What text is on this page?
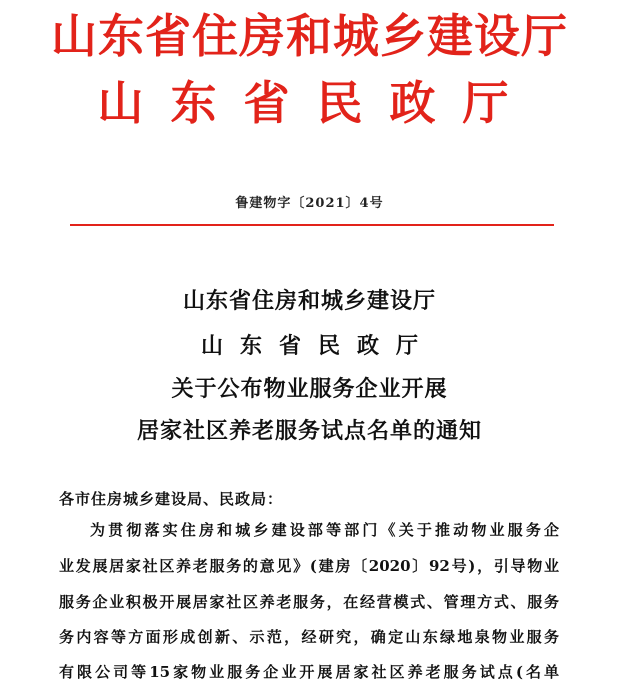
山东省住房和城乡建设厅
山东省民政厅
鲁建物字〔2021〕4号
山东省住房和城乡建设厅
山东省民政厅
关于公布物业服务企业开展
居家社区养老服务试点名单的通知
各市住房城乡建设局、民政局：
为贯彻落实住房和城乡建设部等部门《关于推动物业服务企
业发展居家社区养老服务的意见》(建房〔2020〕92号)，引导物业
服务企业积极开展居家社区养老服务，在经营模式、管理方式、服务
务内容等方面形成创新、示范，经研究，确定山东绿地泉物业服务
有限公司等15家物业服务企业开展居家社区养老服务试点(名单
